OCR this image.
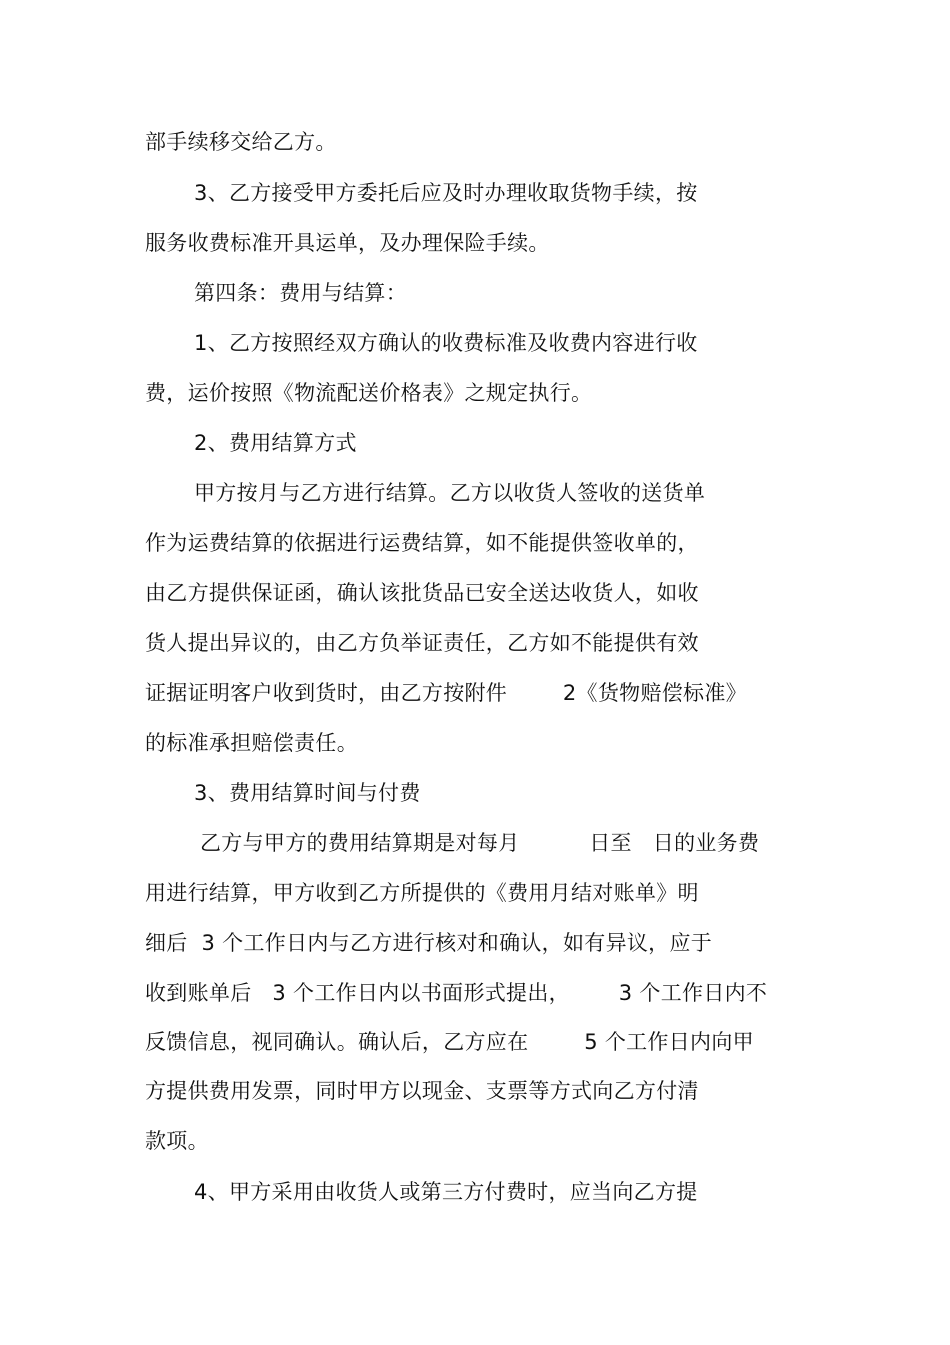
部手续移交给乙方。
3、乙方接受甲方委托后应及时办理收取货物手续，按
服务收费标准开具运单，及办理保险手续。
第四条：费用与结算：
1、乙方按照经双方确认的收费标准及收费内容进行收
费，运价按照《物流配送价格表》之规定执行。
2、费用结算方式
甲方按月与乙方进行结算。乙方以收货人签收的送货单
作为运费结算的依据进行运费结算，如不能提供签收单的，
由乙方提供保证函，确认该批货品已安全送达收货人，如收
货人提出异议的，由乙方负举证责任，乙方如不能提供有效
证据证明客户收到货时，由乙方按附件        2《货物赔偿标准》
的标准承担赔偿责任。
3、费用结算时间与付费
乙方与甲方的费用结算期是对每月          日至   日的业务费
用进行结算，甲方收到乙方所提供的《费用月结对账单》明
细后  3 个工作日内与乙方进行核对和确认，如有异议，应于
收到账单后   3 个工作日内以书面形式提出，       3 个工作日内不
反馈信息，视同确认。确认后，乙方应在        5 个工作日内向甲
方提供费用发票，同时甲方以现金、支票等方式向乙方付清
款项。
4、甲方采用由收货人或第三方付费时，应当向乙方提
